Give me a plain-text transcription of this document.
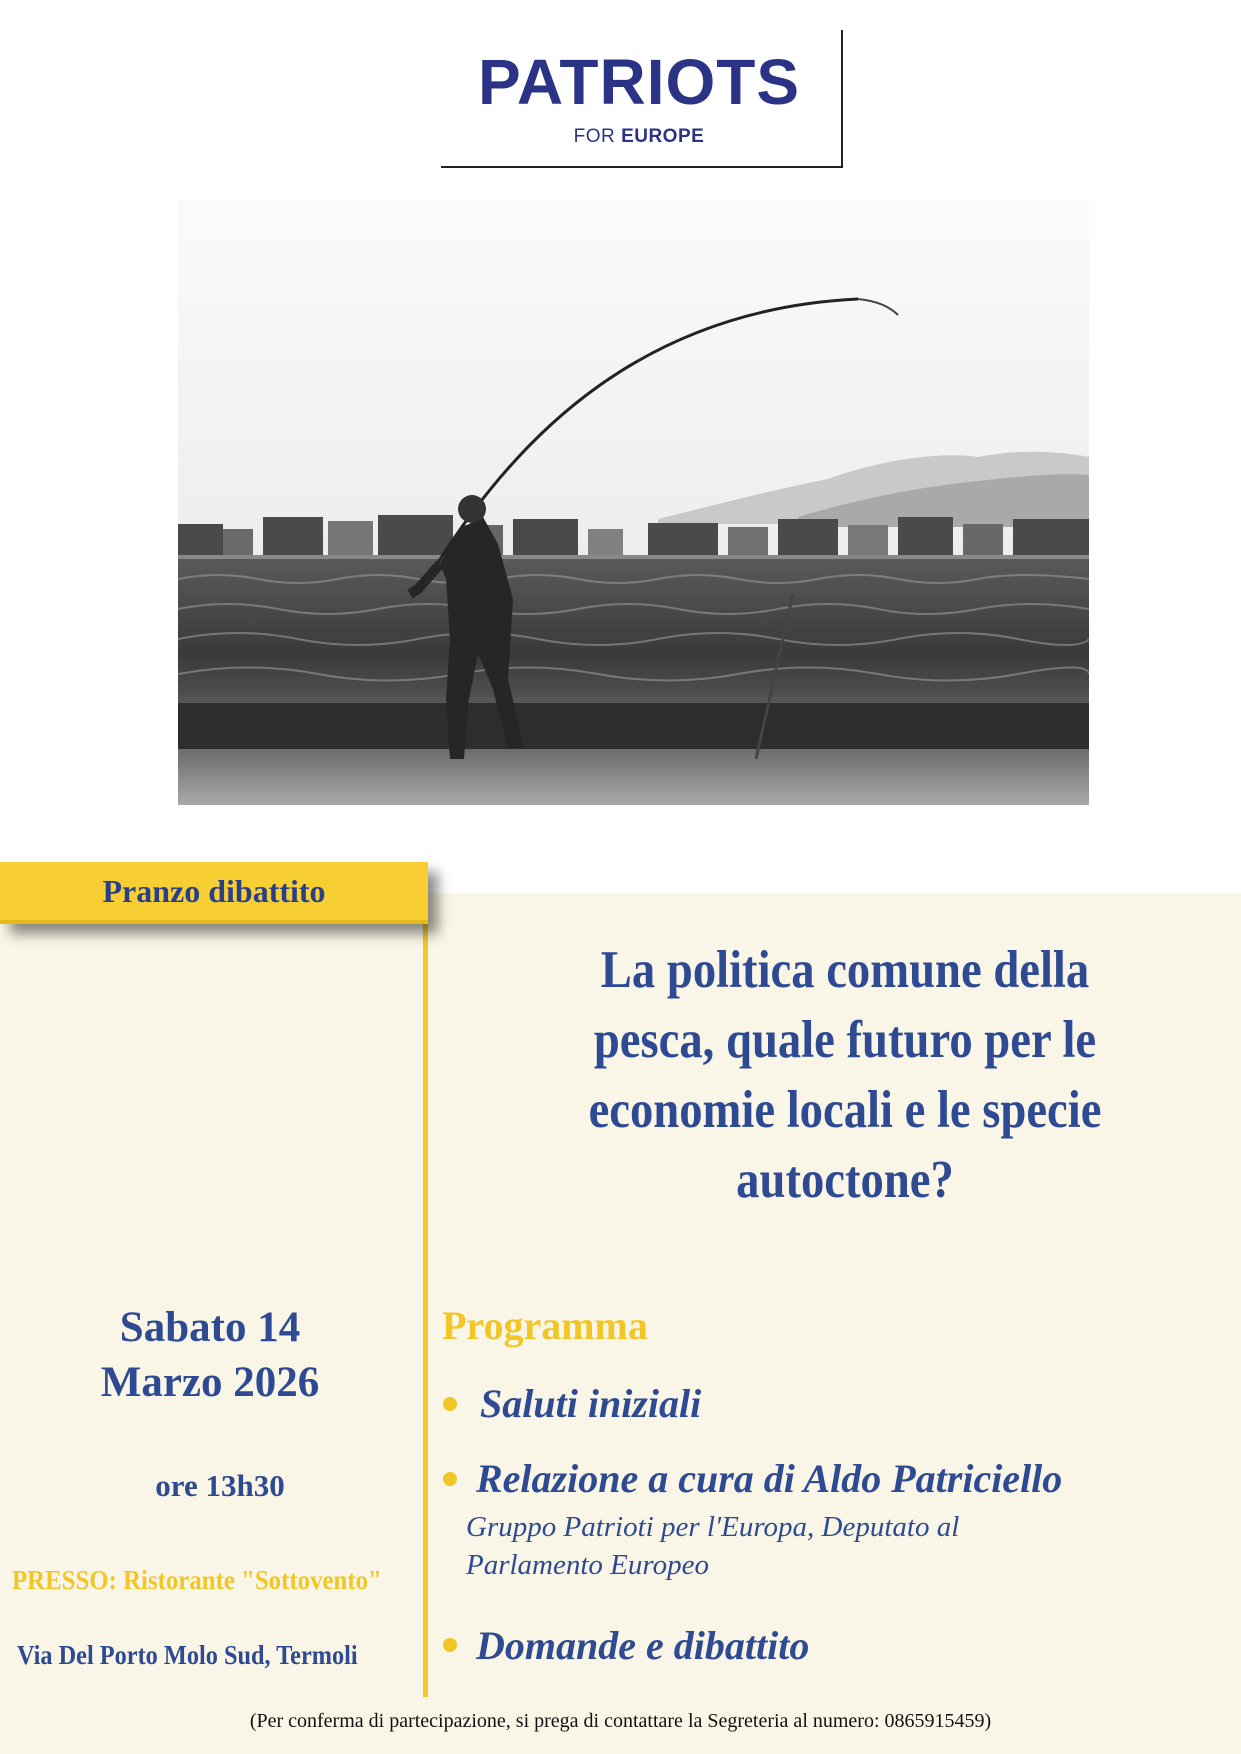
PATRIOTS
FOR EUROPE
Pranzo dibattito
La politica comune della
pesca, quale futuro per le
economie locali e le specie
autoctone?

Sabato 14
Marzo 2026

ore 13h30
PRESSO: Ristorante "Sottovento"
Via Del Porto Molo Sud, Termoli
Programma
Saluti iniziali
Relazione a cura di Aldo Patriciello

Gruppo Patrioti per l'Europa, Deputato al
Parlamento Europeo

Domande e dibattito
(Per conferma di partecipazione, si prega di contattare la Segreteria al numero: 0865915459)
